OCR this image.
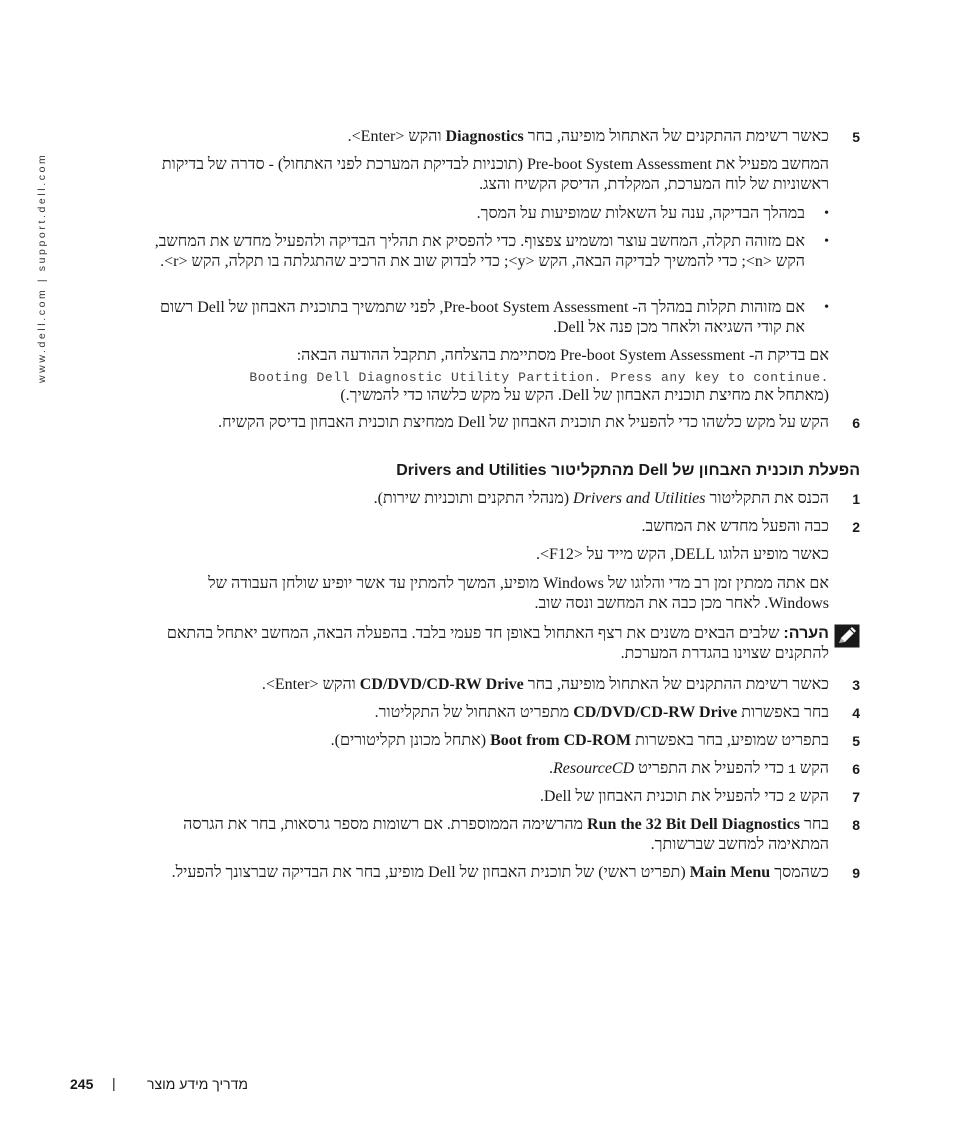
www.dell.com | support.dell.com
5
כאשר רשימת ההתקנים של האתחול מופיעה, בחר Diagnostics והקש <Enter>.
המחשב מפעיל את Pre-boot System Assessment (תוכניות לבדיקת המערכת לפני האתחול) - סדרה של בדיקות ראשוניות של לוח המערכת, המקלדת, הדיסק הקשיח והצג.
•
במהלך הבדיקה, ענה על השאלות שמופיעות על המסך.
•
אם מזוהה תקלה, המחשב עוצר ומשמיע צפצוף. כדי להפסיק את תהליך הבדיקה ולהפעיל מחדש את המחשב, הקש <n>; כדי להמשיך לבדיקה הבאה, הקש <y>; כדי לבדוק שוב את הרכיב שהתגלתה בו תקלה, הקש <r>.
•
אם מזוהות תקלות במהלך ה- Pre-boot System Assessment, לפני שתמשיך בתוכנית האבחון של Dell רשום את קודי השגיאה ולאחר מכן פנה אל Dell.
אם בדיקת ה- Pre-boot System Assessment מסתיימת בהצלחה, תתקבל ההודעה הבאה:
Booting Dell Diagnostic Utility Partition. Press any key to continue.
(מאתחל את מחיצת תוכנית האבחון של Dell. הקש על מקש כלשהו כדי להמשיך.)
6
הקש על מקש כלשהו כדי להפעיל את תוכנית האבחון של Dell ממחיצת תוכנית האבחון בדיסק הקשיח.
הפעלת תוכנית האבחון של Dell מהתקליטור Drivers and Utilities
1
הכנס את התקליטור Drivers and Utilities (מנהלי התקנים ותוכניות שירות).
2
כבה והפעל מחדש את המחשב.
כאשר מופיע הלוגו DELL, הקש מייד על <F12>.
אם אתה ממתין זמן רב מדי והלוגו של Windows מופיע, המשך להמתין עד אשר יופיע שולחן העבודה של Windows. לאחר מכן כבה את המחשב ונסה שוב.
הערה: שלבים הבאים משנים את רצף האתחול באופן חד פעמי בלבד. בהפעלה הבאה, המחשב יאתחל בהתאם להתקנים שצוינו בהגדרת המערכת.
3
כאשר רשימת ההתקנים של האתחול מופיעה, בחר CD/DVD/CD-RW Drive והקש <Enter>.
4
בחר באפשרות CD/DVD/CD-RW Drive מתפריט האתחול של התקליטור.
5
בתפריט שמופיע, בחר באפשרות Boot from CD-ROM (אתחל מכונן תקליטורים).
6
הקש 1 כדי להפעיל את התפריט ResourceCD.
7
הקש 2 כדי להפעיל את תוכנית האבחון של Dell.
8
בחר Run the 32 Bit Dell Diagnostics מהרשימה הממוספרת. אם רשומות מספר גרסאות, בחר את הגרסה המתאימה למחשב שברשותך.
9
כשהמסך Main Menu (תפריט ראשי) של תוכנית האבחון של Dell מופיע, בחר את הבדיקה שברצונך להפעיל.
245 | מדריך מידע מוצר
